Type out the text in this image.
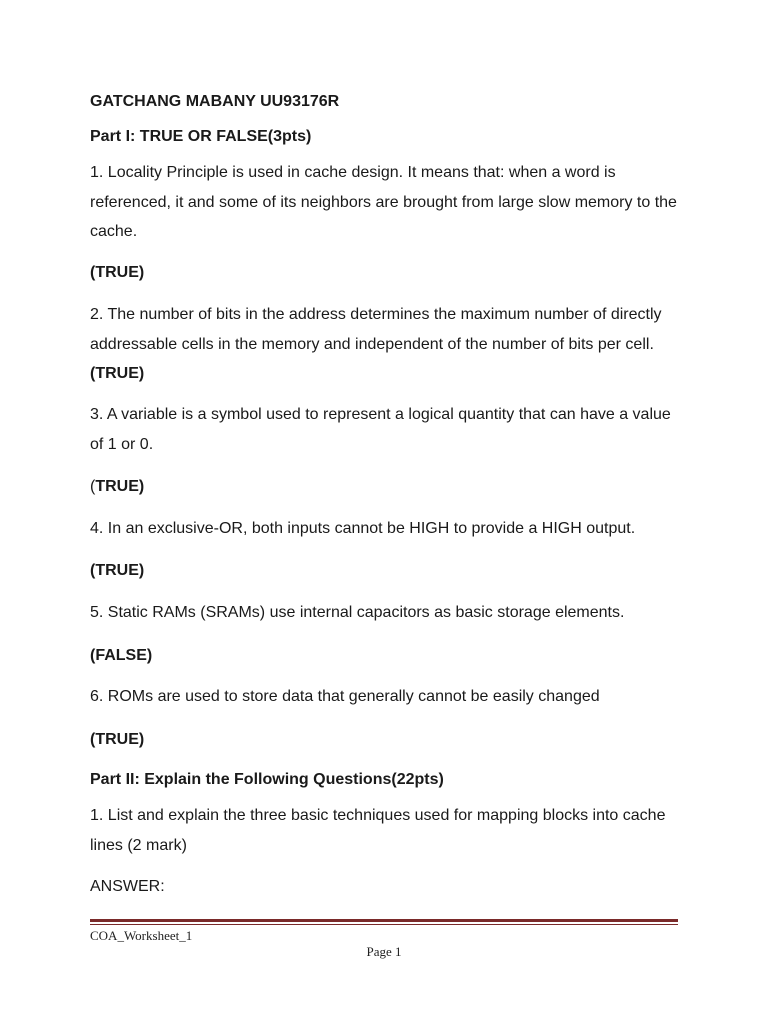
GATCHANG MABANY UU93176R
Part I: TRUE OR FALSE(3pts)
1. Locality Principle is used in cache design. It means that: when a word is referenced, it and some of its neighbors are brought from large slow memory to the cache.
(TRUE)
2. The number of bits in the address determines the maximum number of directly addressable cells in the memory and independent of the number of bits per cell.  (TRUE)
3. A variable is a symbol used to represent a logical quantity that can have a value of 1 or 0.
(TRUE)
4. In an exclusive-OR, both inputs cannot be HIGH to provide a HIGH output.
(TRUE)
5. Static RAMs (SRAMs) use internal capacitors as basic storage elements.
(FALSE)
6. ROMs are used to store data that generally cannot be easily changed
(TRUE)
Part II: Explain the Following Questions(22pts)
1. List and explain the three basic techniques used for mapping blocks into cache lines (2 mark)
ANSWER:
COA_Worksheet_1
Page 1
